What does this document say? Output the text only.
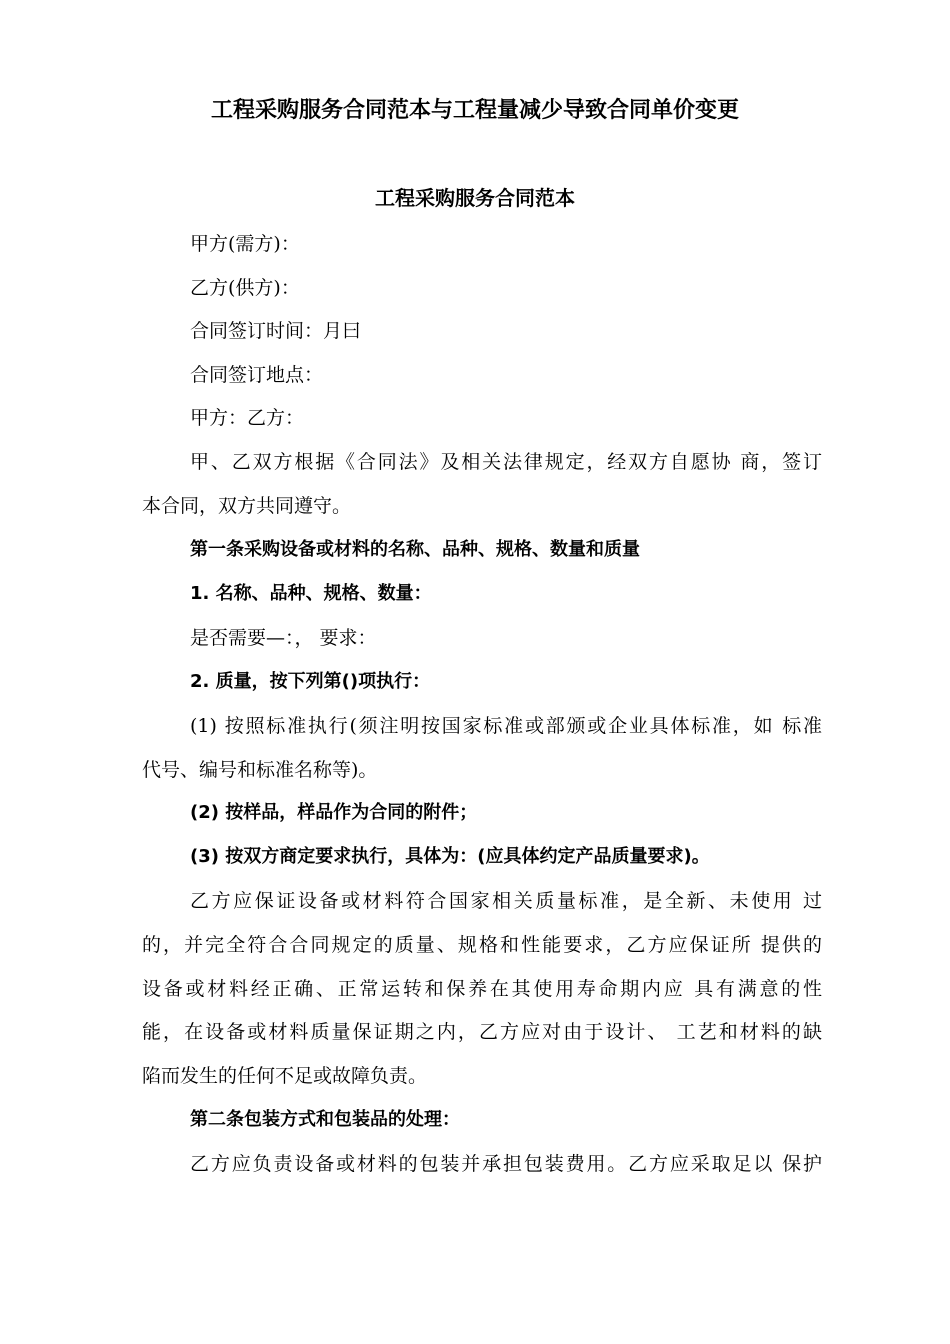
工程采购服务合同范本与工程量减少导致合同单价变更
工程采购服务合同范本
甲方(需方)：
乙方(供方)：
合同签订时间：月曰
合同签订地点：
甲方：乙方：
甲、乙双方根据《合同法》及相关法律规定，经双方自愿协 商，签订
本合同，双方共同遵守。
第一条采购设备或材料的名称、品种、规格、数量和质量
1. 名称、品种、规格、数量：
是否需要—：， 要求：
2. 质量，按下列第()项执行：
(1) 按照标准执行(须注明按国家标准或部颁或企业具体标准，如 标准
代号、编号和标准名称等)。
(2) 按样品，样品作为合同的附件；
(3) 按双方商定要求执行，具体为：(应具体约定产品质量要求)。
乙方应保证设备或材料符合国家相关质量标准，是全新、未使用 过
的，并完全符合合同规定的质量、规格和性能要求，乙方应保证所 提供的
设备或材料经正确、正常运转和保养在其使用寿命期内应 具有满意的性
能，在设备或材料质量保证期之内，乙方应对由于设计、 工艺和材料的缺
陷而发生的任何不足或故障负责。
第二条包装方式和包装品的处理：
乙方应负责设备或材料的包装并承担包装费用。乙方应采取足以 保护
